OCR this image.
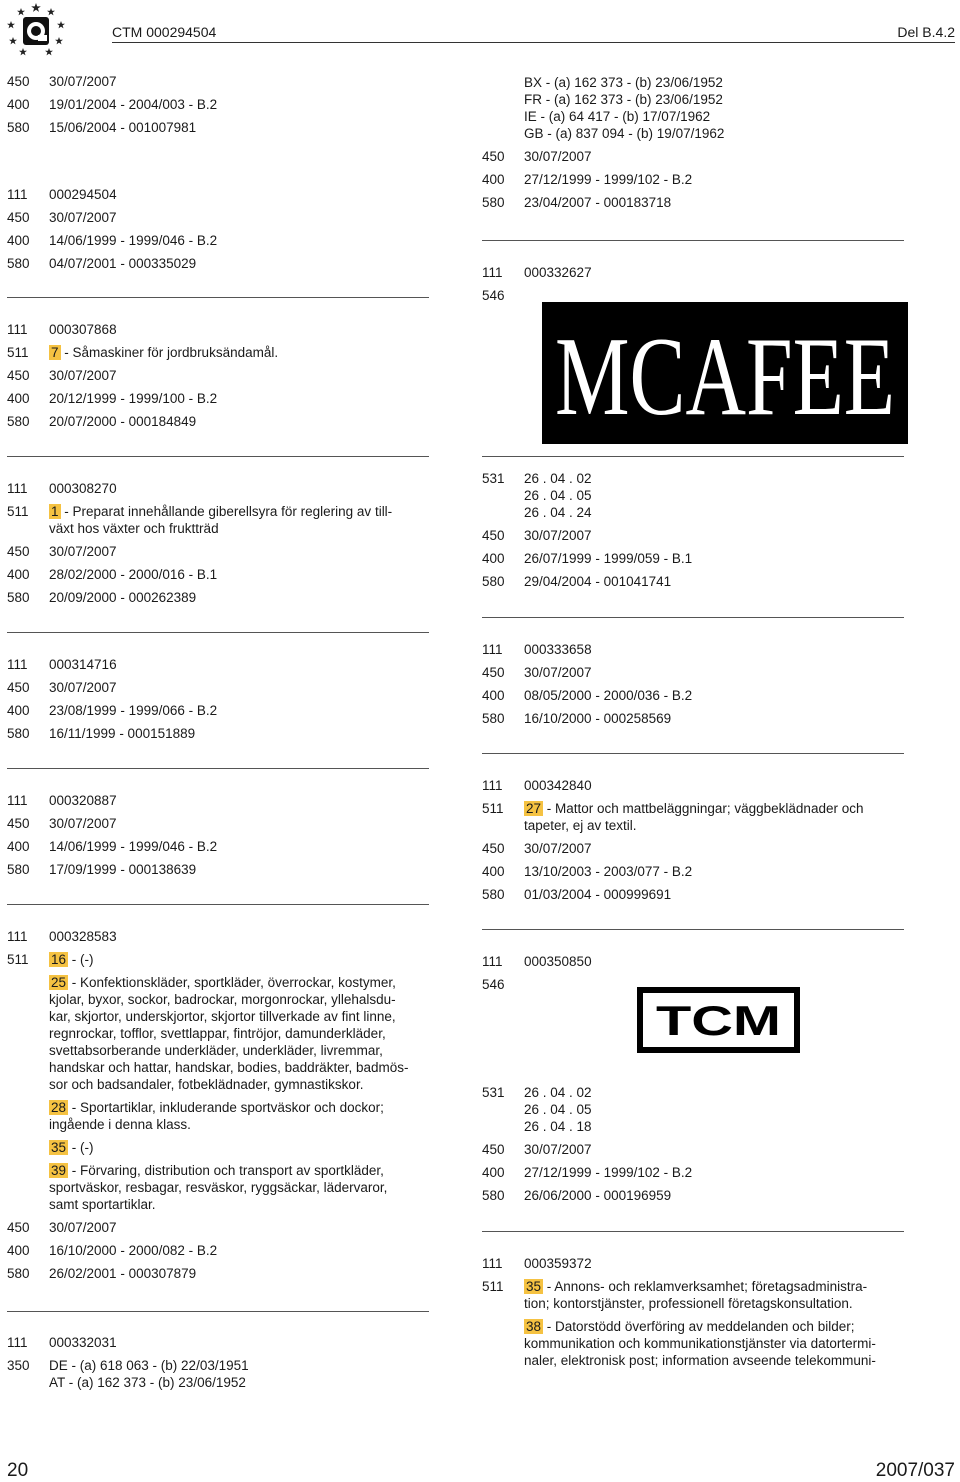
CTM 000294504	Del B.4.2
450	30/07/2007
400	19/01/2004 - 2004/003 - B.2
580	15/06/2004 - 001007981
111	000294504
450	30/07/2007
400	14/06/1999 - 1999/046 - B.2
580	04/07/2001 - 000335029
111	000307868
511	7 - Såmaskiner för jordbruksändamål.
450	30/07/2007
400	20/12/1999 - 1999/100 - B.2
580	20/07/2000 - 000184849
111	000308270
511	1 - Preparat innehållande giberellsyra för reglering av till-
växt hos växter och fruktträd
450	30/07/2007
400	28/02/2000 - 2000/016 - B.1
580	20/09/2000 - 000262389
111	000314716
450	30/07/2007
400	23/08/1999 - 1999/066 - B.2
580	16/11/1999 - 000151889
111	000320887
450	30/07/2007
400	14/06/1999 - 1999/046 - B.2
580	17/09/1999 - 000138639
111	000328583
511	16 - (-)
25 - Konfektionskläder, sportkläder, överrockar, kostymer,
kjolar, byxor, sockor, badrockar, morgonrockar, yllehalsdu-
kar, skjortor, underskjortor, skjortor tillverkade av fint linne,
regnrockar, tofflor, svettlappar, fintröjor, damunderkläder,
svettabsorberande underkläder, underkläder, livremmar,
handskar och hattar, handskar, bodies, baddräkter, badmös-
sor och badsandaler, fotbeklädnader, gymnastikskor.
28 - Sportartiklar, inkluderande sportväskor och dockor;
ingående i denna klass.
35 - (-)
39 - Förvaring, distribution och transport av sportkläder,
sportväskor, resbagar, resväskor, ryggsäckar, lädervaror,
samt sportartiklar.
450	30/07/2007
400	16/10/2000 - 2000/082 - B.2
580	26/02/2001 - 000307879
111	000332031
350	DE - (a) 618 063 - (b) 22/03/1951
AT - (a) 162 373 - (b) 23/06/1952
BX - (a) 162 373 - (b) 23/06/1952
FR - (a) 162 373 - (b) 23/06/1952
IE - (a) 64 417 - (b) 17/07/1962
GB - (a) 837 094 - (b) 19/07/1962
450	30/07/2007
400	27/12/1999 - 1999/102 - B.2
580	23/04/2007 - 000183718
111	000332627
546
MCAFEE
531	26 . 04 . 02
26 . 04 . 05
26 . 04 . 24
450	30/07/2007
400	26/07/1999 - 1999/059 - B.1
580	29/04/2004 - 001041741
111	000333658
450	30/07/2007
400	08/05/2000 - 2000/036 - B.2
580	16/10/2000 - 000258569
111	000342840
511	27 - Mattor och mattbeläggningar; väggbeklädnader och
tapeter, ej av textil.
450	30/07/2007
400	13/10/2003 - 2003/077 - B.2
580	01/03/2004 - 000999691
111	000350850
546
TCM
531	26 . 04 . 02
26 . 04 . 05
26 . 04 . 18
450	30/07/2007
400	27/12/1999 - 1999/102 - B.2
580	26/06/2000 - 000196959
111	000359372
511	35 - Annons- och reklamverksamhet; företagsadministra-
tion; kontorstjänster, professionell företagskonsultation.
38 - Datorstödd överföring av meddelanden och bilder;
kommunikation och kommunikationstjänster via datortermi-
naler, elektronisk post; information avseende telekommuni-
20	2007/037
